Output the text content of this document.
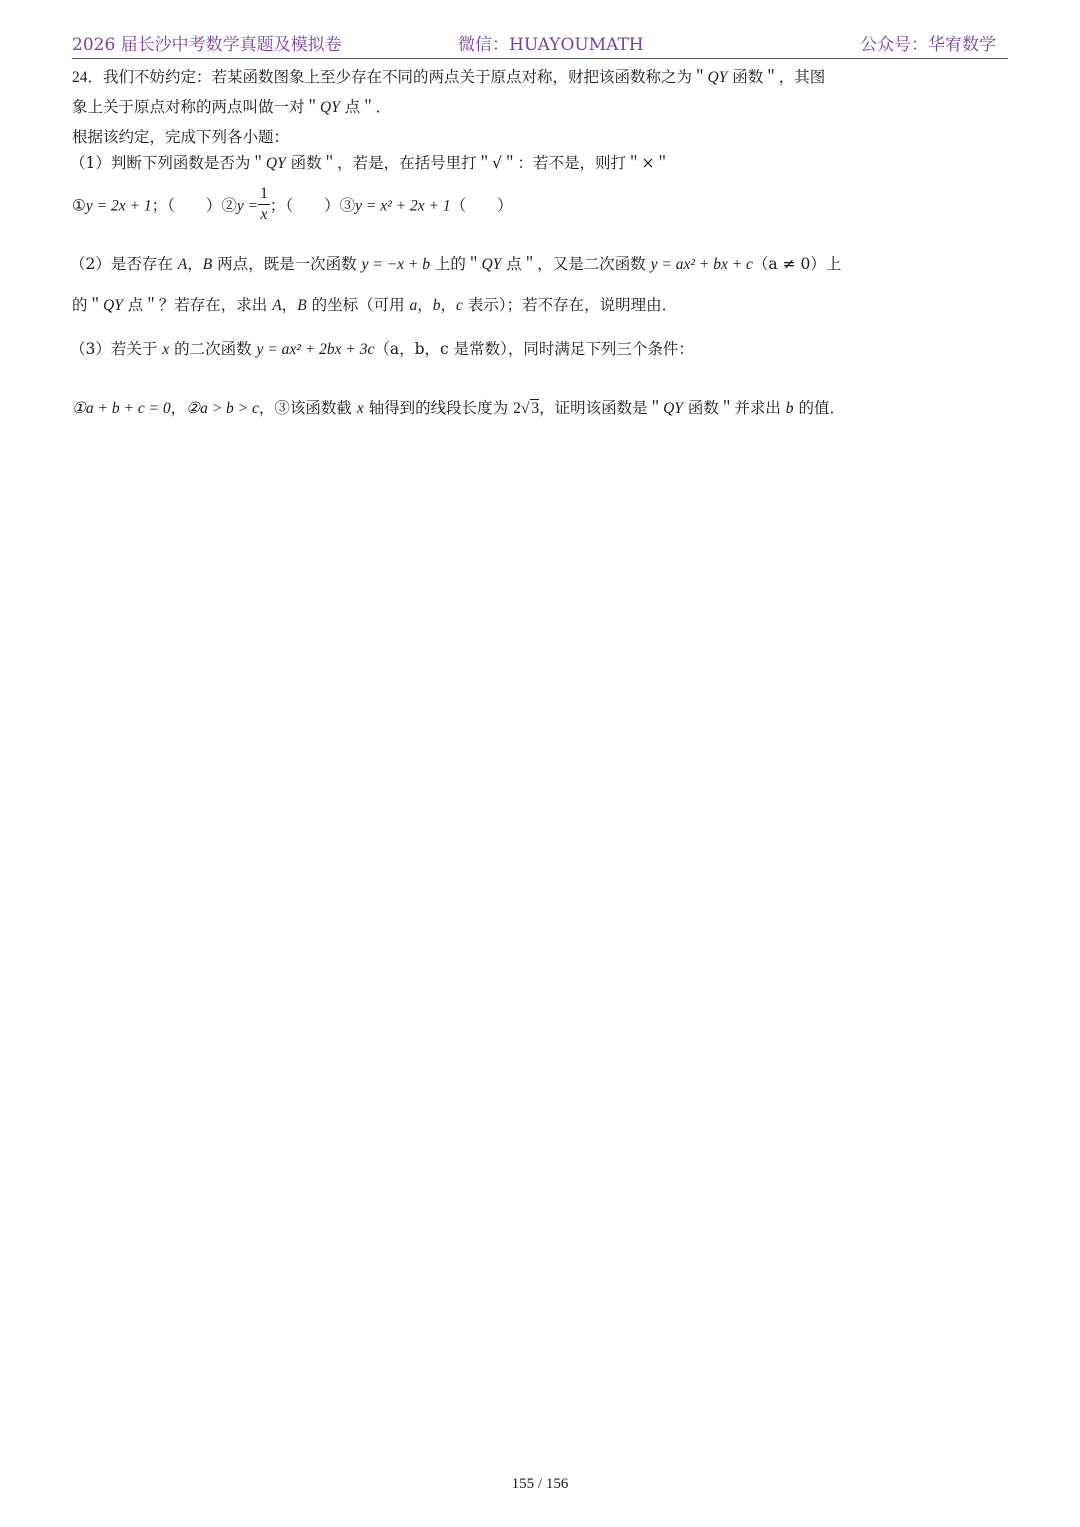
2026 届长沙中考数学真题及模拟卷	微信：HUAYOUMATH	公众号：华宥数学
24．我们不妨约定：若某函数图象上至少存在不同的两点关于原点对称，财把该函数称之为＂QY 函数＂，其图
象上关于原点对称的两点叫做一对＂QY 点＂．
根据该约定，完成下列各小题：
（1）判断下列函数是否为＂QY 函数＂，若是，在括号里打＂√＂：若不是，则打＂×＂
①y = 2x + 1；（　　）②y = $\frac{1}{x}$ ；（　　）③y = x² + 2x + 1（　　）
（2）是否存在 A，B 两点，既是一次函数 y = −x + b 上的＂QY 点＂，又是二次函数 y = ax² + bx + c（a ≠ 0）上
的＂QY 点＂？若存在，求出 A，B 的坐标（可用 a，b，c 表示）；若不存在，说明理由．
（3）若关于 x 的二次函数 y = ax² + 2bx + 3c（a，b，c 是常数），同时满足下列三个条件：
①a + b + c = 0，②a > b > c，③该函数截 x 轴得到的线段长度为 2√ 3，证明该函数是＂QY 函数＂并求出 b 的值．
155 / 156
